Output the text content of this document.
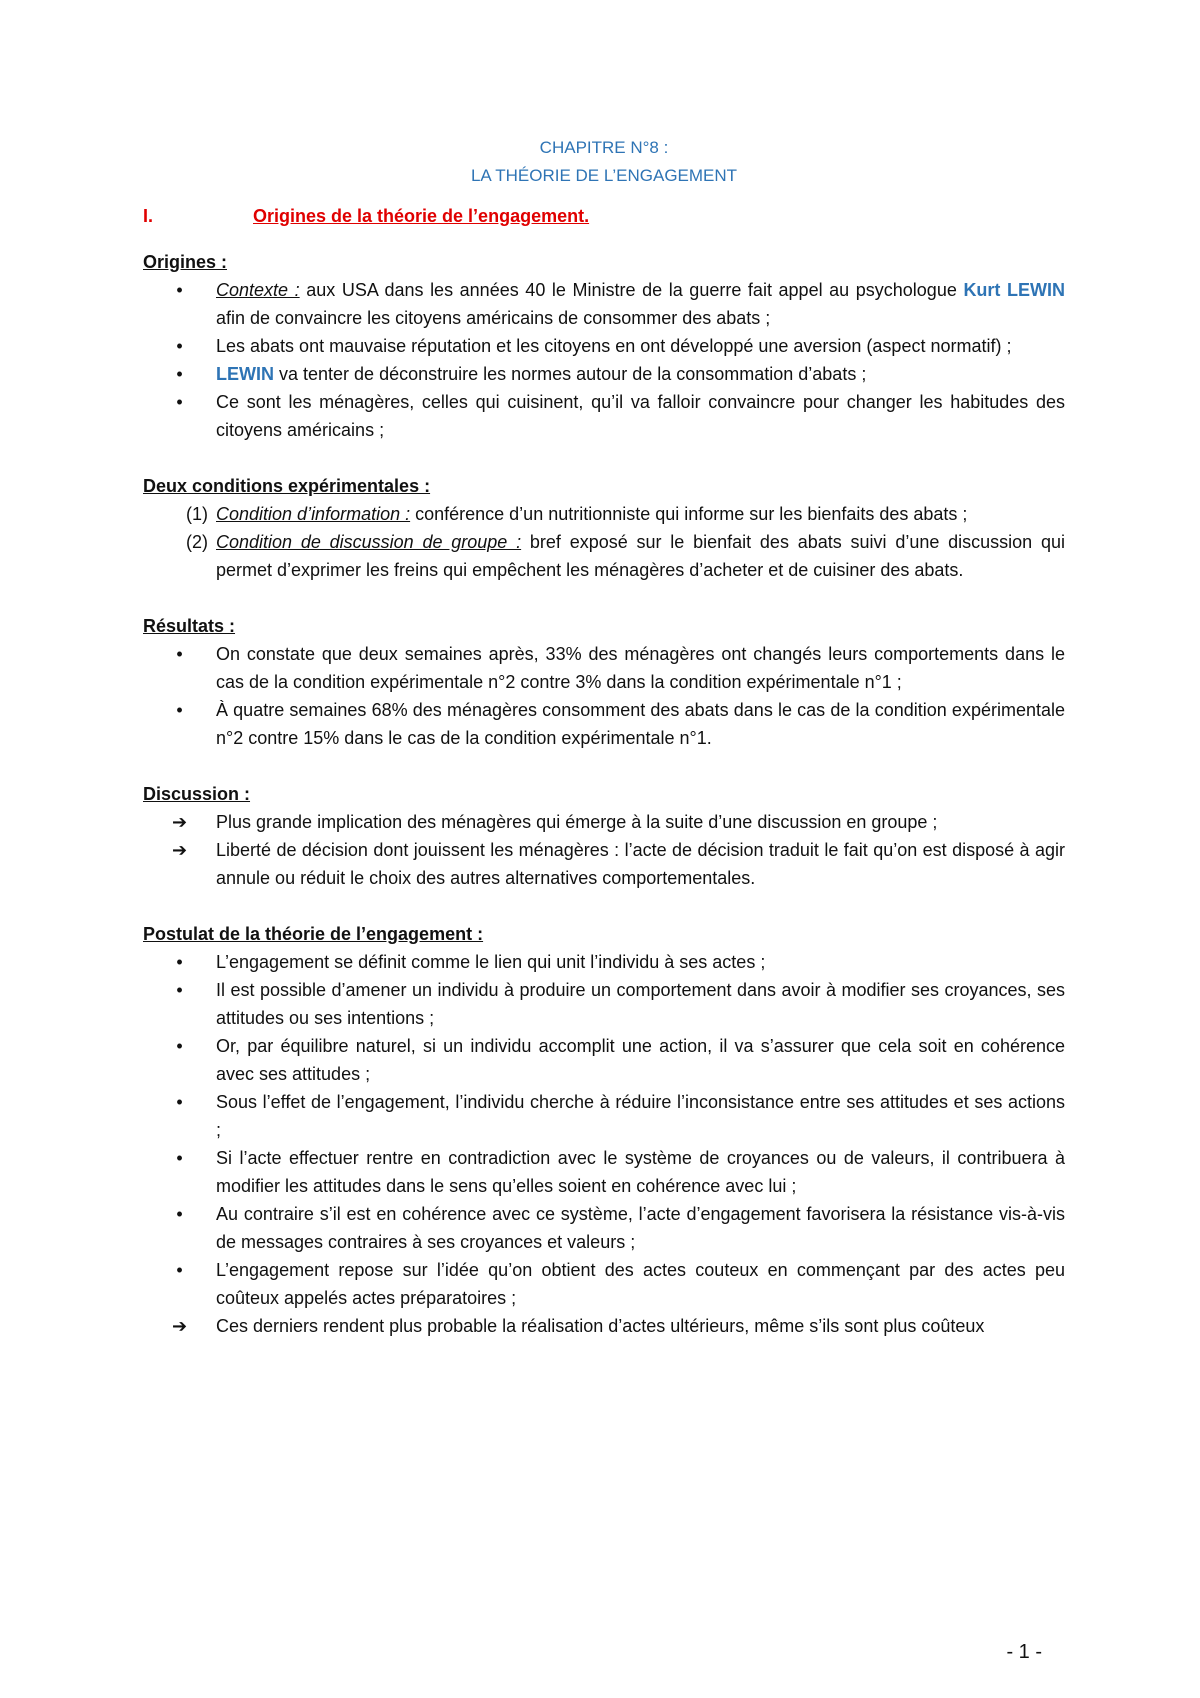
CHAPITRE N°8 :
LA THÉORIE DE L’ENGAGEMENT
I.	Origines de la théorie de l’engagement.
Origines :
•	Contexte : aux USA dans les années 40 le Ministre de la guerre fait appel au psychologue Kurt LEWIN afin de convaincre les citoyens américains de consommer des abats ;
•	Les abats ont mauvaise réputation et les citoyens en ont développé une aversion (aspect normatif) ;
•	LEWIN va tenter de déconstruire les normes autour de la consommation d’abats ;
•	Ce sont les ménagères, celles qui cuisinent, qu’il va falloir convaincre pour changer les habitudes des citoyens américains ;
Deux conditions expérimentales :
(1) Condition d’information : conférence d’un nutritionniste qui informe sur les bienfaits des abats ;
(2) Condition de discussion de groupe : bref exposé sur le bienfait des abats suivi d’une discussion qui permet d’exprimer les freins qui empêchent les ménagères d’acheter et de cuisiner des abats.
Résultats :
•	On constate que deux semaines après, 33% des ménagères ont changés leurs comportements dans le cas de la condition expérimentale n°2 contre 3% dans la condition expérimentale n°1 ;
•	À quatre semaines 68% des ménagères consomment des abats dans le cas de la condition expérimentale n°2 contre 15% dans le cas de la condition expérimentale n°1.
Discussion :
➔	Plus grande implication des ménagères qui émerge à la suite d’une discussion en groupe ;
➔	Liberté de décision dont jouissent les ménagères : l’acte de décision traduit le fait qu’on est disposé à agir annule ou réduit le choix des autres alternatives comportementales.
Postulat de la théorie de l’engagement :
•	L’engagement se définit comme le lien qui unit l’individu à ses actes ;
•	Il est possible d’amener un individu à produire un comportement dans avoir à modifier ses croyances, ses attitudes ou ses intentions ;
•	Or, par équilibre naturel, si un individu accomplit une action, il va s’assurer que cela soit en cohérence avec ses attitudes ;
•	Sous l’effet de l’engagement, l’individu cherche à réduire l’inconsistance entre ses attitudes et ses actions ;
•	Si l’acte effectuer rentre en contradiction avec le système de croyances ou de valeurs, il contribuera à modifier les attitudes dans le sens qu’elles soient en cohérence avec lui ;
•	Au contraire s’il est en cohérence avec ce système, l’acte d’engagement favorisera la résistance vis-à-vis de messages contraires à ses croyances et valeurs ;
•	L’engagement repose sur l’idée qu’on obtient des actes couteux en commençant par des actes peu coûteux appelés actes préparatoires ;
➔	Ces derniers rendent plus probable la réalisation d’actes ultérieurs, même s’ils sont plus coûteux
- 1 -
